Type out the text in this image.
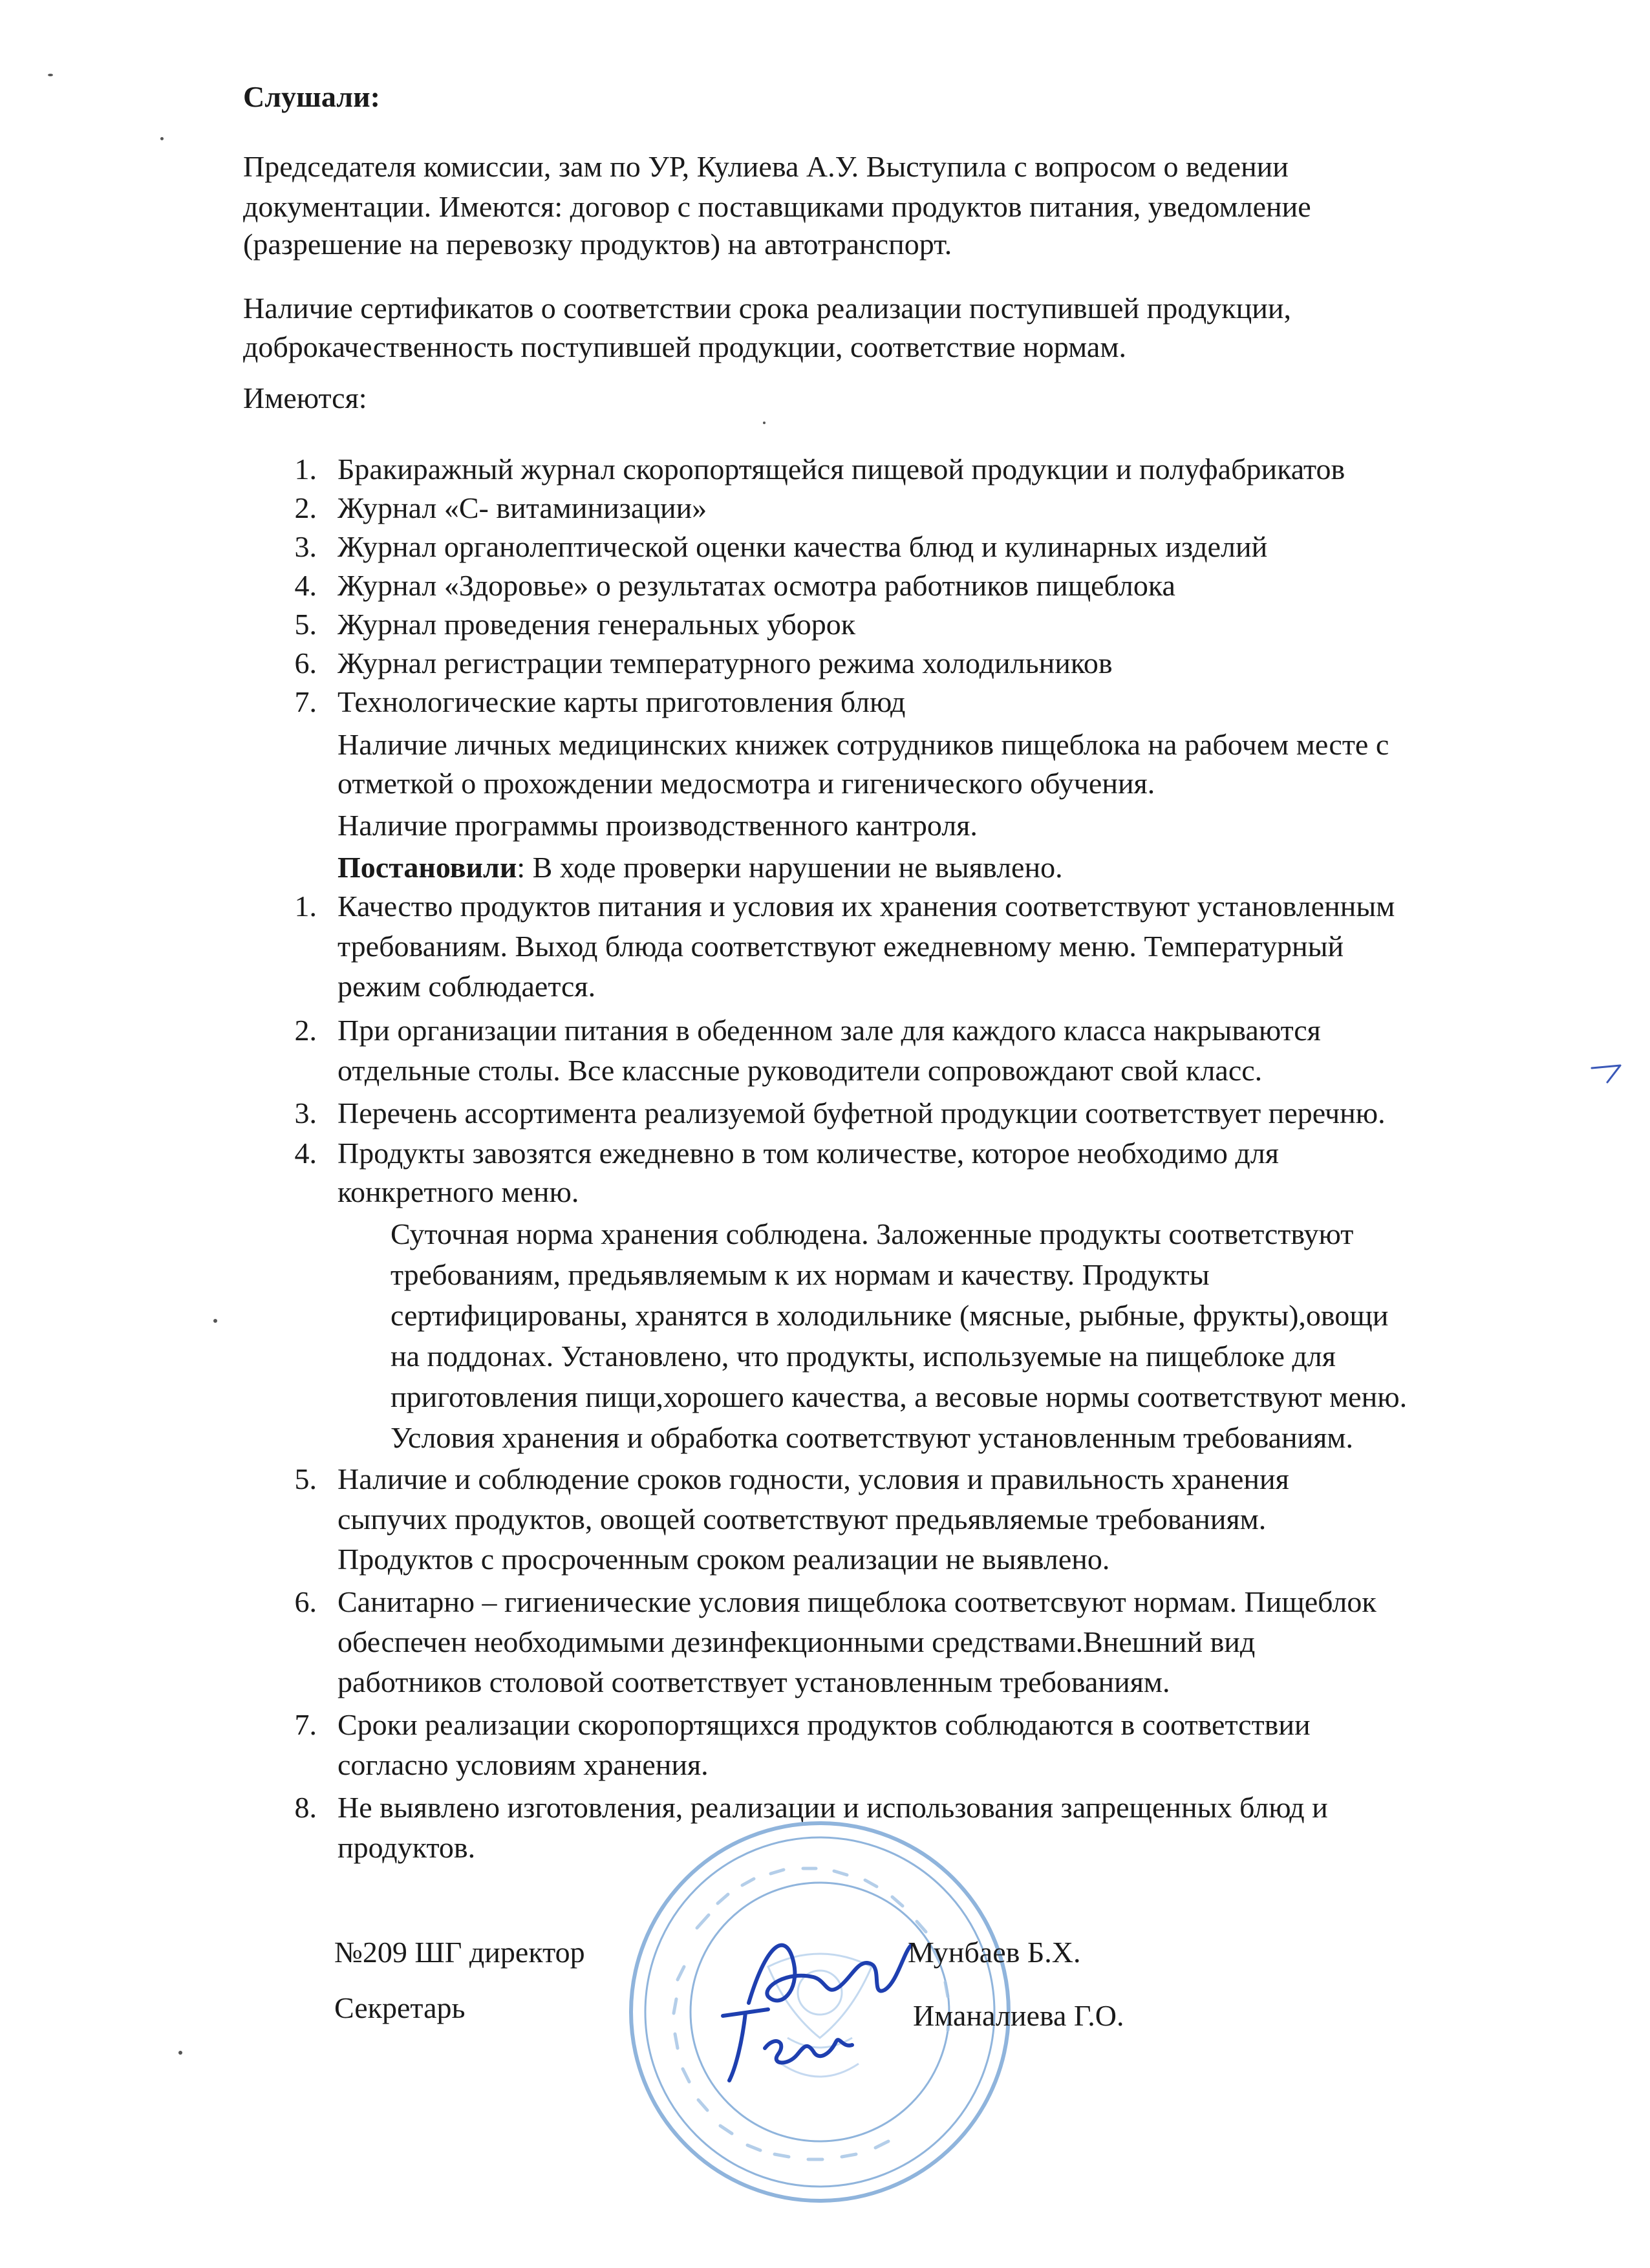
Слушали:
Председателя комиссии, зам по УР, Кулиева А.У. Выступила с вопросом о ведении
документации. Имеются: договор с поставщиками продуктов питания, уведомление
(разрешение на перевозку продуктов) на автотранспорт.
Наличие сертификатов о соответствии срока реализации поступившей продукции,
доброкачественность поступившей продукции, соответствие нормам.
Имеются:
1. Бракиражный журнал скоропортящейся пищевой продукции и полуфабрикатов
2. Журнал «С- витаминизации»
3. Журнал органолептической оценки качества блюд и кулинарных изделий
4. Журнал «Здоровье» о результатах осмотра работников пищеблока
5. Журнал проведения генеральных уборок
6. Журнал регистрации температурного режима холодильников
7. Технологические карты приготовления блюд
Наличие личных медицинских книжек сотрудников пищеблока на рабочем месте с
отметкой о прохождении медосмотра и гигенического обучения.
Наличие программы производственного кантроля.
Постановили: В ходе проверки нарушении не выявлено.
1. Качество продуктов питания и условия их хранения соответствуют установленным
требованиям. Выход блюда соответствуют ежедневному меню. Температурный
режим соблюдается.
2. При организации питания в обеденном зале для каждого класса накрываются
отдельные столы. Все классные руководители сопровождают свой класс.
3. Перечень ассортимента реализуемой буфетной продукции соответствует перечню.
4. Продукты завозятся ежедневно в том количестве, которое необходимо для
конкретного меню.
Суточная норма хранения соблюдена. Заложенные продукты соответствуют
требованиям, предьявляемым к их нормам и качеству. Продукты
сертифицированы, хранятся в холодильнике (мясные, рыбные, фрукты),овощи
на поддонах. Установлено, что продукты, используемые на пищеблоке для
приготовления пищи,хорошего качества, а весовые нормы соответствуют меню.
Условия хранения и обработка соответствуют установленным требованиям.
5. Наличие и соблюдение сроков годности, условия и правильность хранения
сыпучих продуктов, овощей соответствуют предьявляемые требованиям.
Продуктов с просроченным сроком реализации не выявлено.
6. Санитарно – гигиенические условия пищеблока соответсвуют нормам. Пищеблок
обеспечен необходимыми дезинфекционными средствами.Внешний вид
работников столовой соответствует установленным требованиям.
7. Сроки реализации скоропортящихся продуктов соблюдаются в соответствии
согласно условиям хранения.
8. Не выявлено изготовления, реализации и использования запрещенных блюд и
продуктов.
№209 ШГ директор	Мунбаев Б.Х.
Секретарь	Иманалиева Г.О.
